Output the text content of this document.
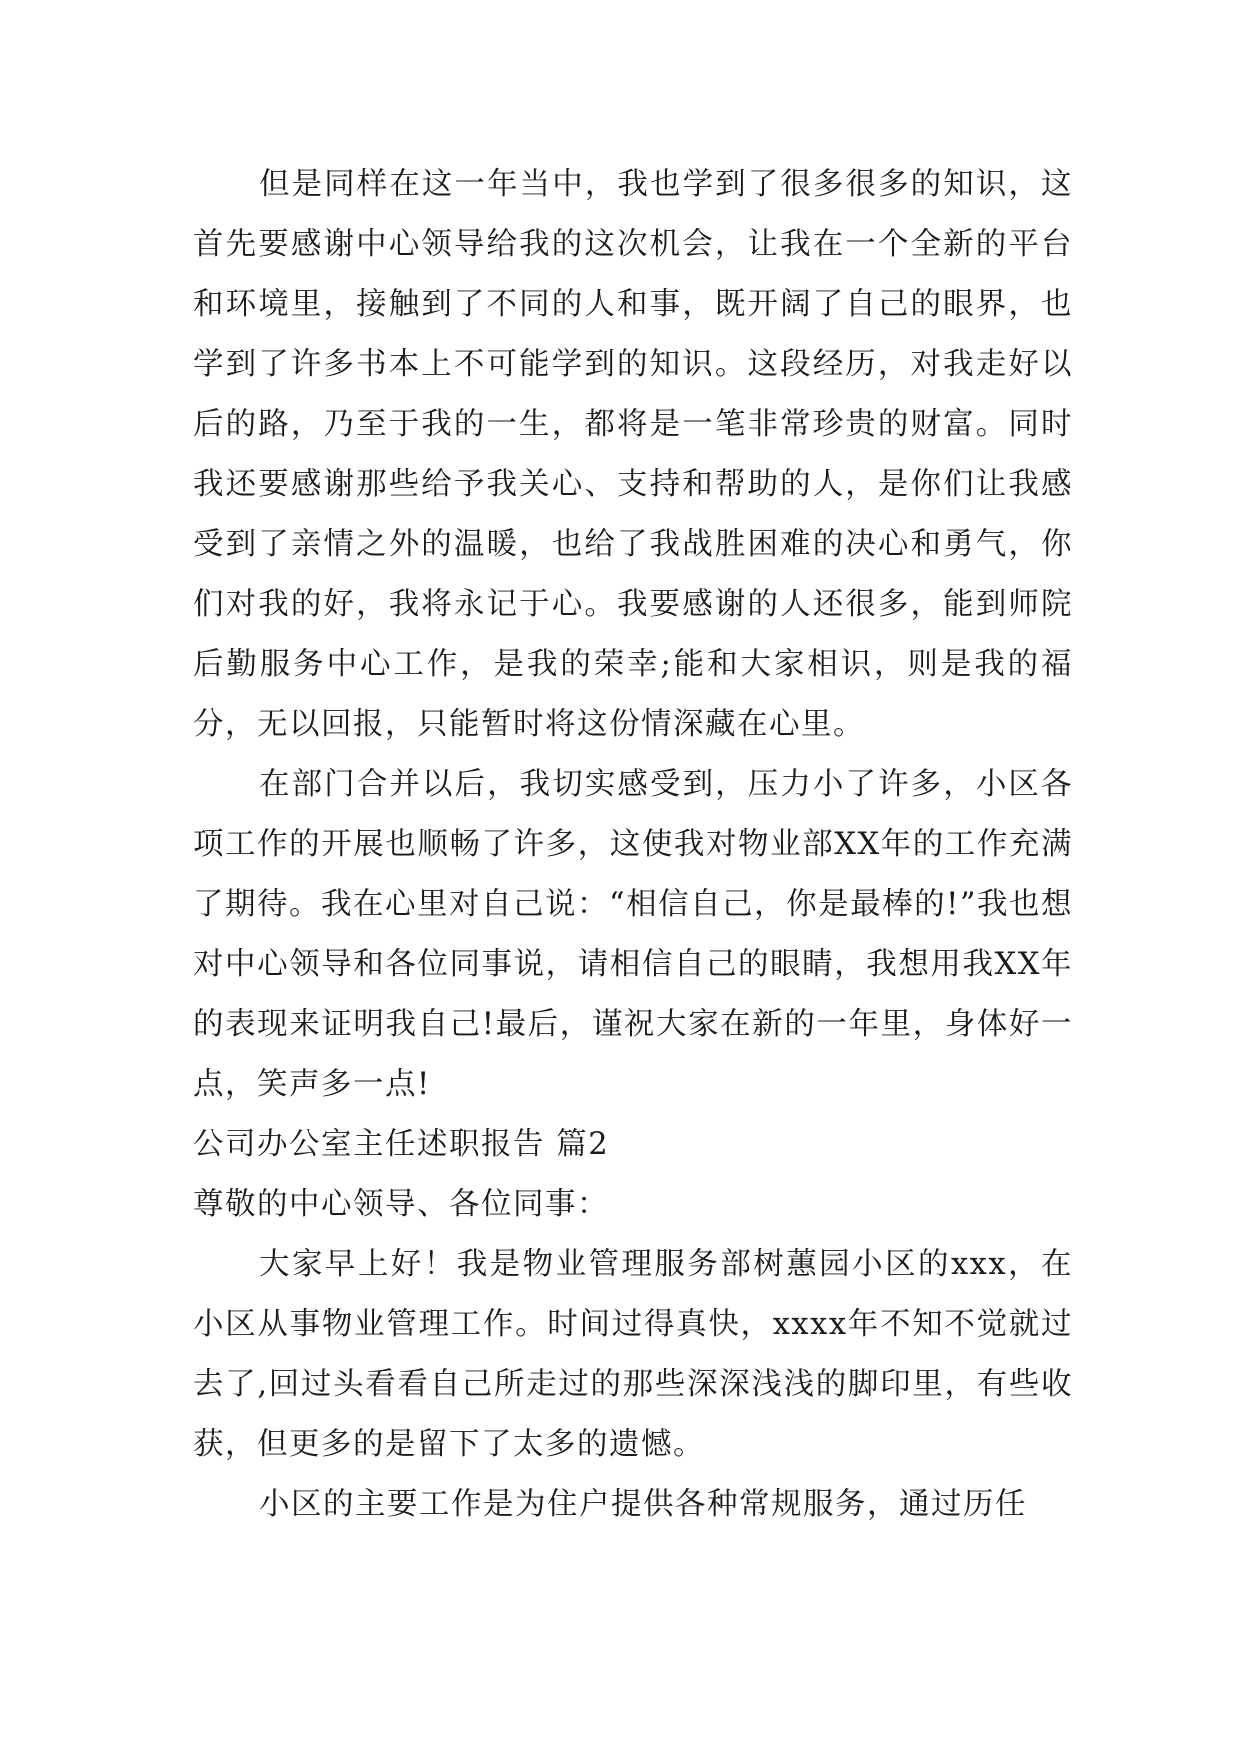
但是同样在这一年当中，我也学到了很多很多的知识，这首先要感谢中心领导给我的这次机会，让我在一个全新的平台和环境里，接触到了不同的人和事，既开阔了自己的眼界，也学到了许多书本上不可能学到的知识。这段经历，对我走好以后的路，乃至于我的一生，都将是一笔非常珍贵的财富。同时我还要感谢那些给予我关心、支持和帮助的人，是你们让我感受到了亲情之外的温暖，也给了我战胜困难的决心和勇气，你们对我的好，我将永记于心。我要感谢的人还很多，能到师院后勤服务中心工作，是我的荣幸;能和大家相识，则是我的福分，无以回报，只能暂时将这份情深藏在心里。

在部门合并以后，我切实感受到，压力小了许多，小区各项工作的开展也顺畅了许多，这使我对物业部XX年的工作充满了期待。我在心里对自己说：“相信自己，你是最棒的!”我也想对中心领导和各位同事说，请相信自己的眼睛，我想用我XX年的表现来证明我自己!最后，谨祝大家在新的一年里，身体好一点，笑声多一点!

公司办公室主任述职报告 篇2

尊敬的中心领导、各位同事：

大家早上好！我是物业管理服务部树蕙园小区的xxx，在小区从事物业管理工作。时间过得真快，xxxx年不知不觉就过去了,回过头看看自己所走过的那些深深浅浅的脚印里，有些收获，但更多的是留下了太多的遗憾。

小区的主要工作是为住户提供各种常规服务，通过历任
